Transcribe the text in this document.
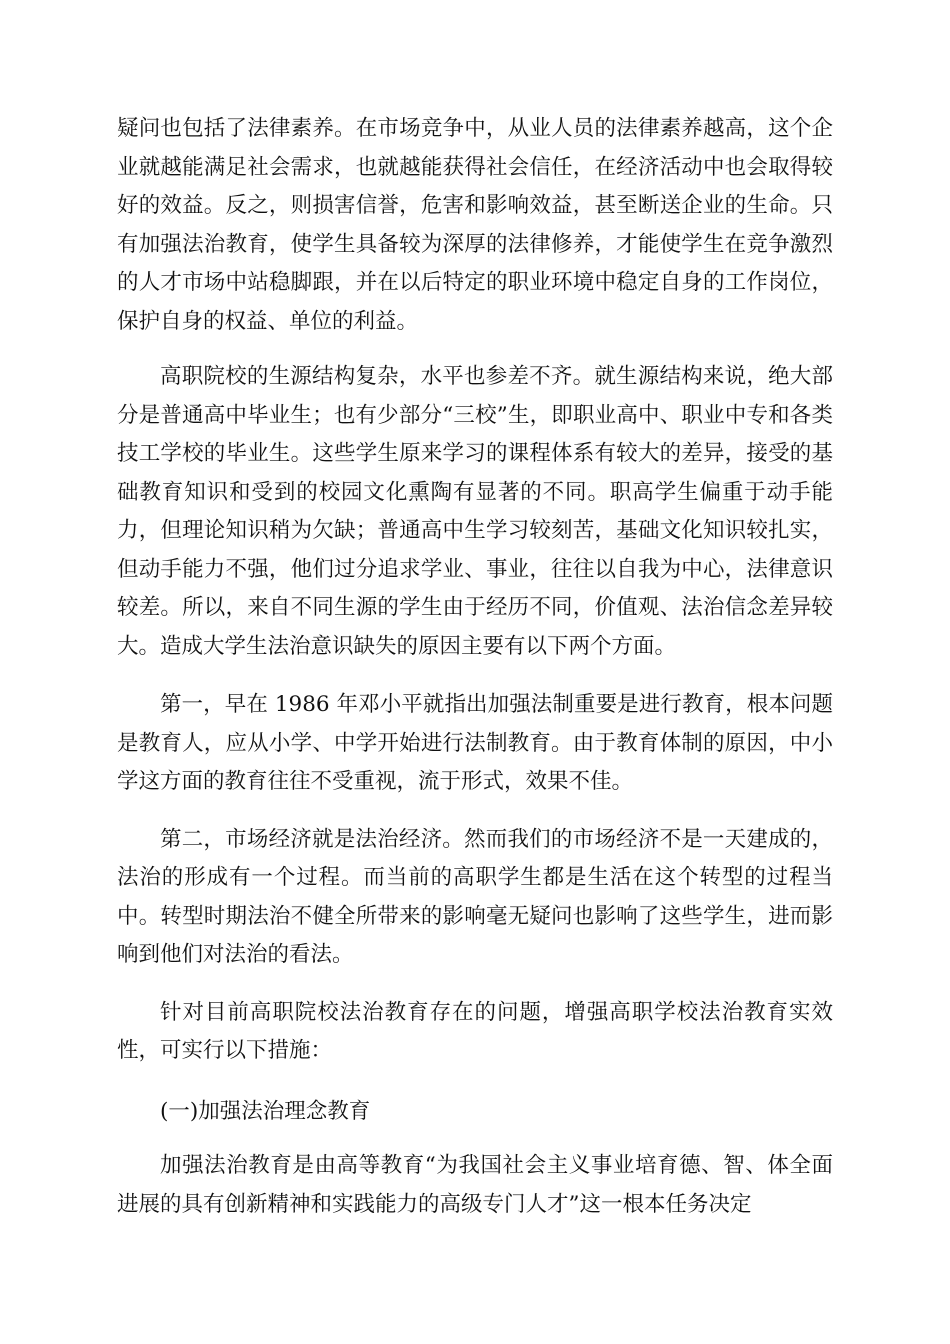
疑问也包括了法律素养。在市场竞争中，从业人员的法律素养越高，这个企业就越能满足社会需求，也就越能获得社会信任，在经济活动中也会取得较好的效益。反之，则损害信誉，危害和影响效益，甚至断送企业的生命。只有加强法治教育，使学生具备较为深厚的法律修养，才能使学生在竞争激烈的人才市场中站稳脚跟，并在以后特定的职业环境中稳定自身的工作岗位，保护自身的权益、单位的利益。

高职院校的生源结构复杂，水平也参差不齐。就生源结构来说，绝大部分是普通高中毕业生；也有少部分“三校”生，即职业高中、职业中专和各类技工学校的毕业生。这些学生原来学习的课程体系有较大的差异，接受的基础教育知识和受到的校园文化熏陶有显著的不同。职高学生偏重于动手能力，但理论知识稍为欠缺；普通高中生学习较刻苦，基础文化知识较扎实，但动手能力不强，他们过分追求学业、事业，往往以自我为中心，法律意识较差。所以，来自不同生源的学生由于经历不同，价值观、法治信念差异较大。造成大学生法治意识缺失的原因主要有以下两个方面。

第一，早在 1986 年邓小平就指出加强法制重要是进行教育，根本问题是教育人，应从小学、中学开始进行法制教育。由于教育体制的原因，中小学这方面的教育往往不受重视，流于形式，效果不佳。

第二，市场经济就是法治经济。然而我们的市场经济不是一天建成的，法治的形成有一个过程。而当前的高职学生都是生活在这个转型的过程当中。转型时期法治不健全所带来的影响毫无疑问也影响了这些学生，进而影响到他们对法治的看法。

针对目前高职院校法治教育存在的问题，增强高职学校法治教育实效性，可实行以下措施：

(一)加强法治理念教育

加强法治教育是由高等教育“为我国社会主义事业培育德、智、体全面进展的具有创新精神和实践能力的高级专门人才”这一根本任务决定
